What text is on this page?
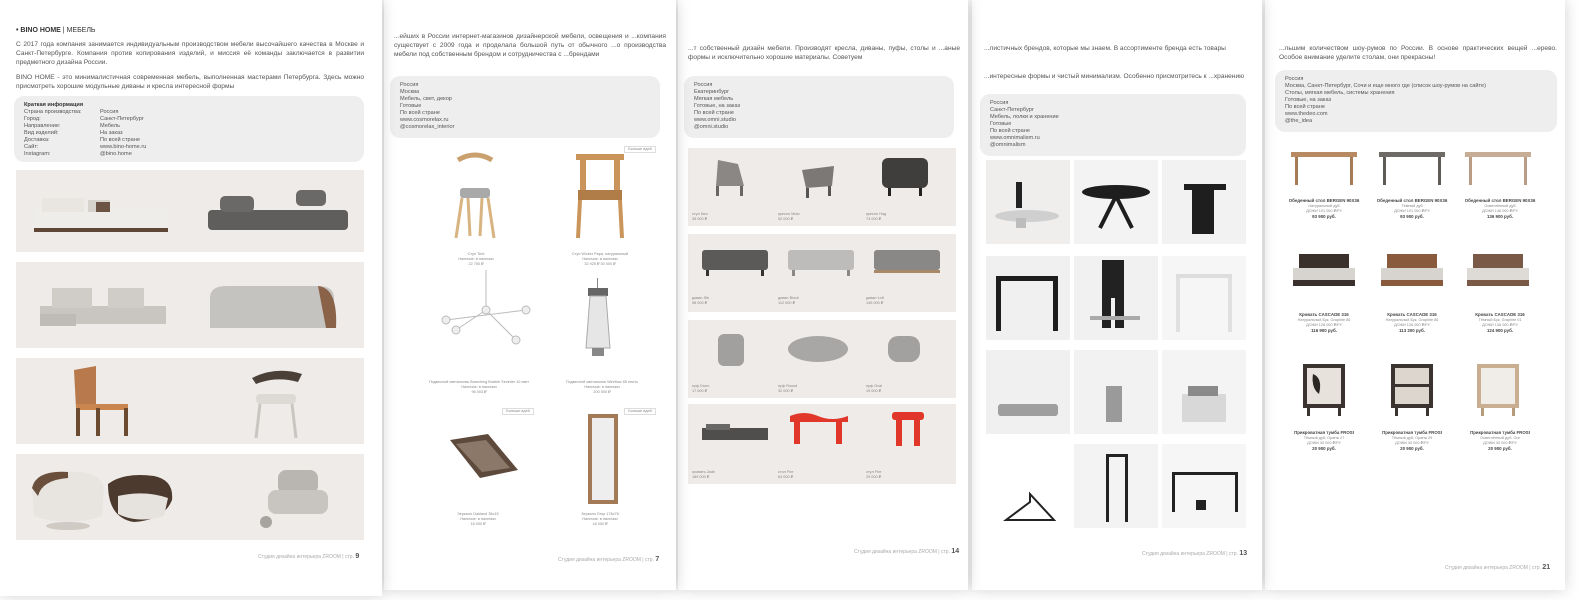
...льшим количеством шоу-румов по России. В основе практических вещей ...ерево. Особое внимание уделите столам, они прекрасны!
Россия
Москва, Санкт-Петербург, Сочи и еще много где (список шоу-румов на сайте)
Столы, мягкая мебель, системы хранения
Готовые, на заказ
По всей стране
www.thedeo.com
@the_idea
Обеденный стол BERGEN 90Х36
Натуральный дуб
ДОЖИ 101 000 ₽/РУ
93 900 руб.
Обеденный стол BERGEN 90Х36
Тёмный дуб
ДОЖИ 101 000 ₽/РУ
93 900 руб.
Обеденный стол BERGEN 90Х36
Осветлённый дуб
ДОЖИ 148 000 ₽/РУ
136 900 руб.
Кровать CASCADE 316
Натуральный Бук, Graphite 86
ДОЖИ 128 000 ₽/РУ
116 900 руб.
Кровать CASCADE 316
Натуральный Бук, Graphite 86
ДОЖИ 126 000 ₽/РУ
113 200 руб.
Кровать CASCADE 316
Тёмный Бук, Graphite 01
ДОЖИ 136 000 ₽/РУ
124 900 руб.
Прикроватная тумба FROSI
Тёмный дуб, Оранж 27
ДОЖИ 30 000 ₽/РУ
20 900 руб.
Прикроватная тумба FROSI
Тёмный дуб, Оранж 29
ДОЖИ 30 000 ₽/РУ
20 900 руб.
Прикроватная тумба FROSI
Осветлённый дуб, Ore
ДОЖИ 30 000 ₽/РУ
20 900 руб.
Студия дизайна интерьера ZROOM | стр. 21
...листичных брендов, которые мы знаем. В ассортименте бренда есть товары
...интересные формы и чистый минимализм. Особенно присмотритесь к ...хранению
Россия
Санкт-Петербург
Мебель, полки и хранение
Готовые
По всей стране
www.omnimalism.ru
@omnimalism
Студия дизайна интерьера ZROOM | стр. 13
...т собственный дизайн мебели. Производят кресла, диваны, пуфы, столы и ...аные формы и исключительно хорошие материалы. Советуем
Россия
Екатеринбург
Мягкая мебель
Готовые, на заказ
По всей стране
www.omni.studio
@omni.studio
стул Neo
35 000 ₽
кресло Muto
52 000 ₽
кресло Hug
74 000 ₽
диван Sib
98 000 ₽
диван Block
112 000 ₽
диван Loft
145 000 ₽
пуф Drum
17 000 ₽
пуф Round
32 000 ₽
пуф Oval
19 000 ₽
кровать Jade
189 000 ₽
стол Fire
64 000 ₽
стул Fire
29 000 ₽
Студия дизайна интерьера ZROOM | стр. 14
...ейших в России интернет-магазинов дизайнерской мебели, освещения и ...компания существует с 2009 года и проделала большой путь от обычного ...о производства мебели под собственным брендом и сотрудничества с ...брендами
Россия
Москва
Мебель, свет, декор
Готовые
По всей стране
www.cosmorelax.ru
@cosmorelax_interior
Больше идей
Больше идей	Больше идей
Стул Tent
Наличие: в наличии
22 750 ₽
Стул Wicker Papa, натуральный
Наличие: в наличии
32 925 ₽ 30 000 ₽
Подвесной светильник Branching Bubble Sevinter 10 свет
Наличие: в наличии
96 003 ₽
Подвесной светильник Wireflow 65 плить
Наличие: в наличии
200 500 ₽
Зеркало Oakland 35х15
Наличие: в наличии
16 000 ₽
Зеркало Drop 178х78
Наличие: в наличии
18 000 ₽
Студия дизайна интерьера ZROOM | стр. 7
• BINO HOME | МЕБЕЛЬ
С 2017 года компания занимается индивидуальным производством мебели высочайшего качества в Москве и Санкт-Петербурге. Компания против копирования изделий, и миссия её команды заключается в развитии предметного дизайна России.
BINO HOME - это минималистичная современная мебель, выполненная мастерами Петербурга. Здесь можно присмотреть хорошие модульные диваны и кресла интересной формы
Краткая информация
Страна производства:	Россия
Город:	Санкт-Петербург
Направление:	Мебель
Вид изделий:	На заказ
Доставка:	По всей стране
Сайт:	www.bino-home.ru
Instagram:	@bino.home
Студия дизайна интерьера ZROOM | стр. 9
